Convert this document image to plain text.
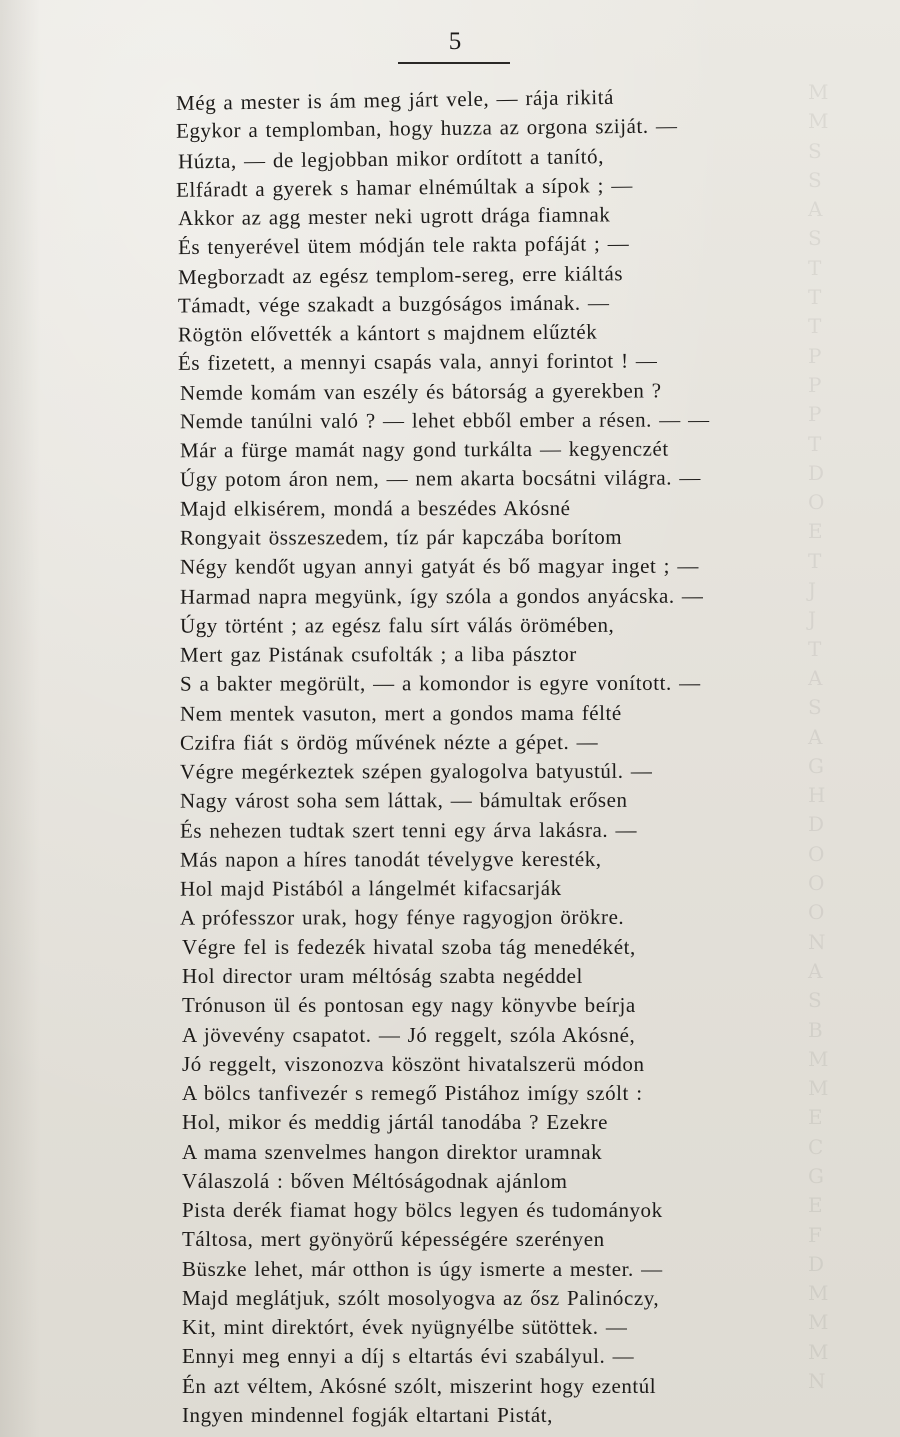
M
M
S
S
A
S
T
T
T
P
P
P
T
D
O
E
T
J
J
T
A
S
A
G
H
D
O
O
O
N
A
S
B
M
M
E
C
G
E
F
D
M
M
M
N
5
Még a mester is ám meg járt vele, — rája rikitá
Egykor a templomban, hogy huzza az orgona sziját. —
Húzta, — de legjobban mikor ordított a tanító,
Elfáradt a gyerek s hamar elnémúltak a sípok ; —
Akkor az agg mester neki ugrott drága fiamnak
És tenyerével ütem módján tele rakta pofáját ; —
Megborzadt az egész templom-sereg, erre kiáltás
Támadt, vége szakadt a buzgóságos imának. —
Rögtön elővették a kántort s majdnem elűzték
És fizetett, a mennyi csapás vala, annyi forintot ! —
Nemde komám van eszély és bátorság a gyerekben ?
Nemde tanúlni való ? — lehet ebből ember a résen. — —
Már a fürge mamát nagy gond turkálta — kegyenczét
Úgy potom áron nem, — nem akarta bocsátni világra. —
Majd elkisérem, mondá a beszédes Akósné
Rongyait összeszedem, tíz pár kapczába borítom
Négy kendőt ugyan annyi gatyát és bő magyar inget ; —
Harmad napra megyünk, így szóla a gondos anyácska. —
Úgy történt ; az egész falu sírt válás örömében,
Mert gaz Pistának csufolták ; a liba pásztor
S a bakter megörült, — a komondor is egyre vonított. —
Nem mentek vasuton, mert a gondos mama félté
Czifra fiát s ördög művének nézte a gépet. —
Végre megérkeztek szépen gyalogolva batyustúl. —
Nagy várost soha sem láttak, — bámultak erősen
És nehezen tudtak szert tenni egy árva lakásra. —
Más napon a híres tanodát tévelygve keresték,
Hol majd Pistából a lángelmét kifacsarják
A prófesszor urak, hogy fénye ragyogjon örökre.
Végre fel is fedezék hivatal szoba tág menedékét,
Hol director uram méltóság szabta negéddel
Trónuson ül és pontosan egy nagy könyvbe beírja
A jövevény csapatot. — Jó reggelt, szóla Akósné,
Jó reggelt, viszonozva köszönt hivatalszerü módon
A bölcs tanfivezér s remegő Pistához imígy szólt :
Hol, mikor és meddig jártál tanodába ? Ezekre
A mama szenvelmes hangon direktor uramnak
Válaszolá : bőven Méltóságodnak ajánlom
Pista derék fiamat hogy bölcs legyen és tudományok
Táltosa, mert gyönyörű képességére szerényen
Büszke lehet, már otthon is úgy ismerte a mester. —
Majd meglátjuk, szólt mosolyogva az ősz Palinóczy,
Kit, mint direktórt, évek nyügnyélbe sütöttek. —
Ennyi meg ennyi a díj s eltartás évi szabályul. —
Én azt véltem, Akósné szólt, miszerint hogy ezentúl
Ingyen mindennel fogják eltartani Pistát,
